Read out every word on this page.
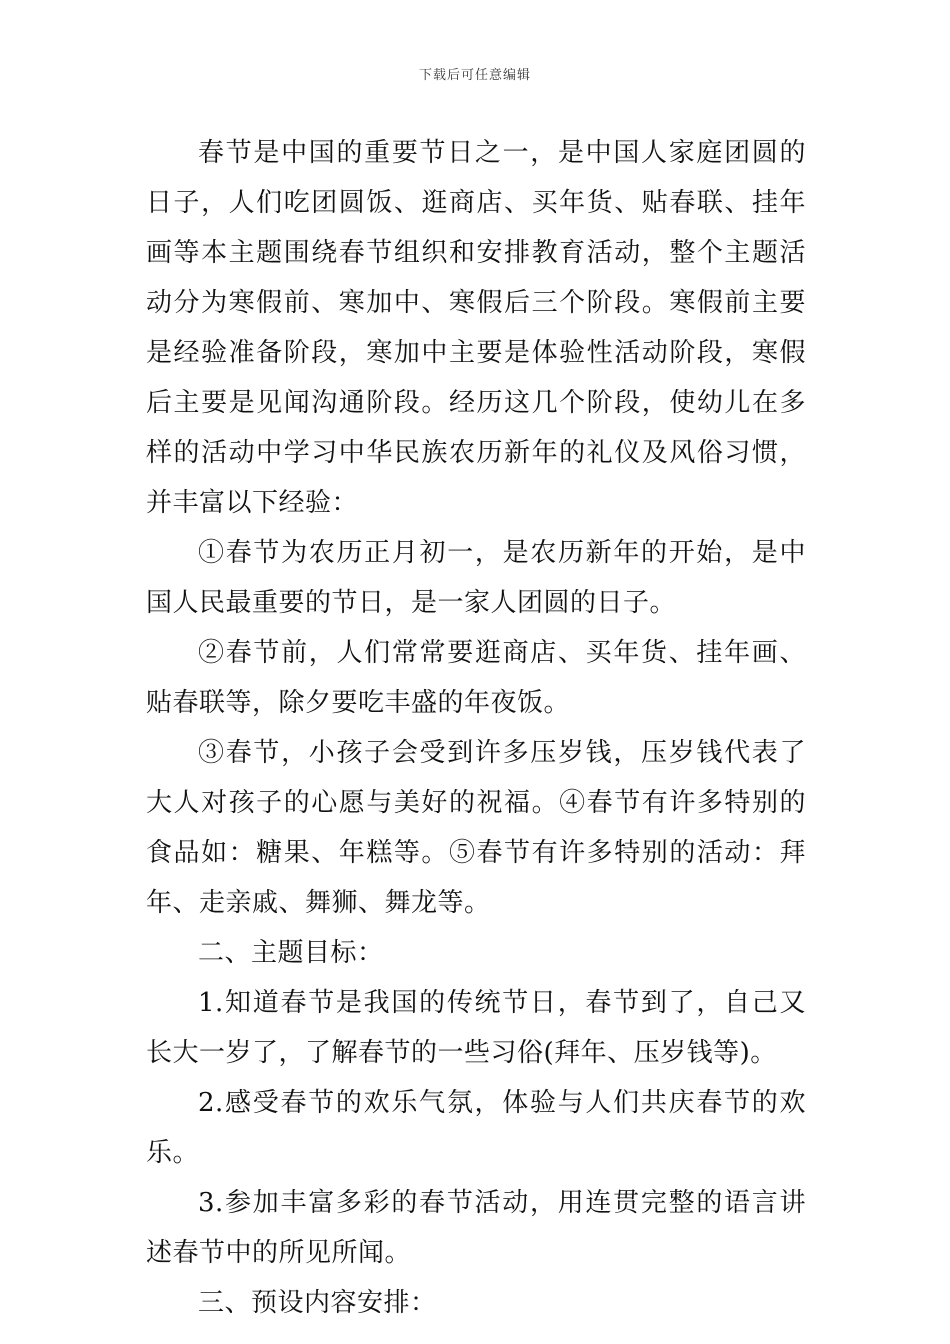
下载后可任意编辑

春节是中国的重要节日之一，是中国人家庭团圆的日子，人们吃团圆饭、逛商店、买年货、贴春联、挂年画等本主题围绕春节组织和安排教育活动，整个主题活动分为寒假前、寒加中、寒假后三个阶段。寒假前主要是经验准备阶段，寒加中主要是体验性活动阶段，寒假后主要是见闻沟通阶段。经历这几个阶段，使幼儿在多样的活动中学习中华民族农历新年的礼仪及风俗习惯，并丰富以下经验：

①春节为农历正月初一，是农历新年的开始，是中国人民最重要的节日，是一家人团圆的日子。

②春节前，人们常常要逛商店、买年货、挂年画、贴春联等，除夕要吃丰盛的年夜饭。

③春节，小孩子会受到许多压岁钱，压岁钱代表了大人对孩子的心愿与美好的祝福。④春节有许多特别的食品如：糖果、年糕等。⑤春节有许多特别的活动：拜年、走亲戚、舞狮、舞龙等。

二、主题目标：

1.知道春节是我国的传统节日，春节到了，自己又长大一岁了，了解春节的一些习俗(拜年、压岁钱等)。

2.感受春节的欢乐气氛，体验与人们共庆春节的欢乐。

3.参加丰富多彩的春节活动，用连贯完整的语言讲述春节中的所见所闻。

三、预设内容安排：
